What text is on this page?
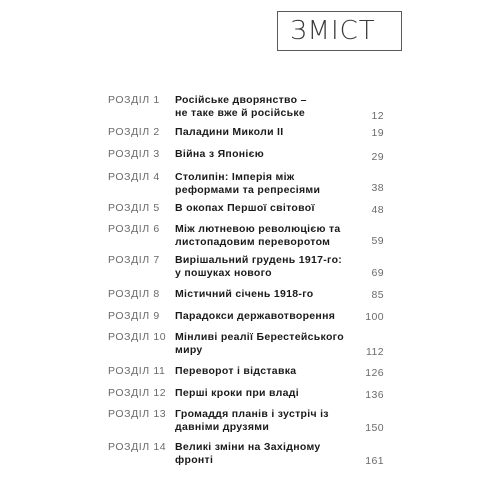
ЗМІСТ
РОЗДІЛ 1 Російське дворянство –
не таке вже й російське	12
РОЗДІЛ 2 Паладини Миколи II	19
РОЗДІЛ 3 Війна з Японією	29
РОЗДІЛ 4 Столипін: Імперія між
реформами та репресіями	38
РОЗДІЛ 5 В окопах Першої світової	48
РОЗДІЛ 6 Між лютневою революцією та
листопадовим переворотом	59
РОЗДІЛ 7 Вирішальний грудень 1917-го:
у пошуках нового	69
РОЗДІЛ 8 Містичний січень 1918-го	85
РОЗДІЛ 9 Парадокси державотворення	100
РОЗДІЛ 10 Мінливі реалії Берестейського
миру	112
РОЗДІЛ 11 Переворот і відставка	126
РОЗДІЛ 12 Перші кроки при владі	136
РОЗДІЛ 13 Громаддя планів і зустріч із
давніми друзями	150
РОЗДІЛ 14 Великі зміни на Західному
фронті	161
